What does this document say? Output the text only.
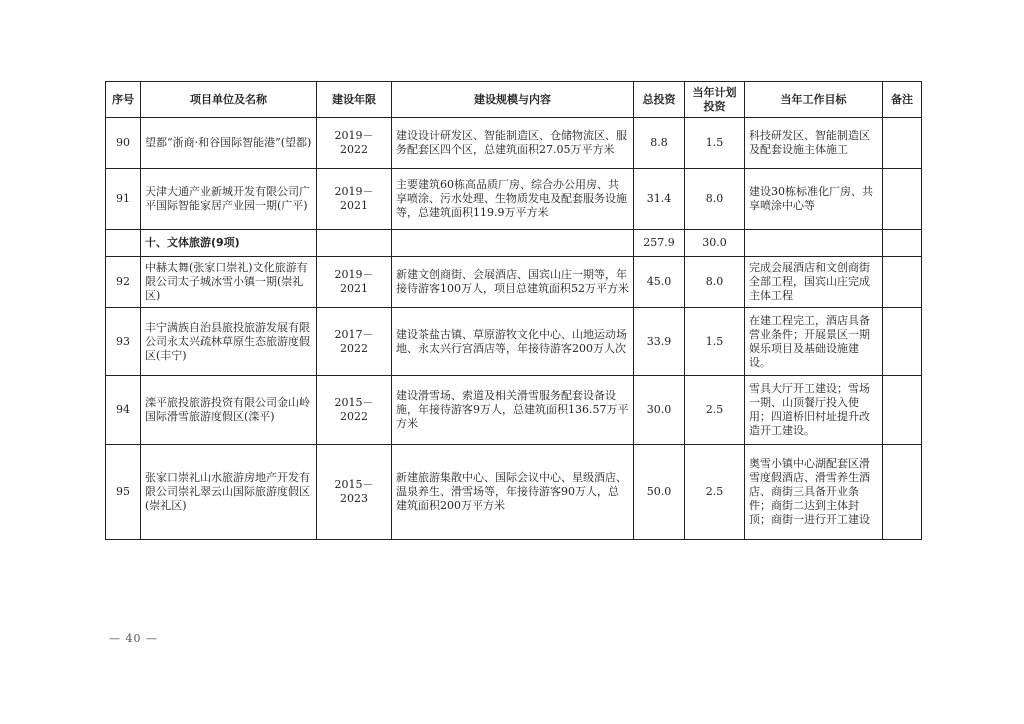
序号	项目单位及名称	建设年限	建设规模与内容	总投资	当年计划投资	当年工作目标	备注
90	望都“浙商·和谷国际智能港”(望都)	2019－2022	建设设计研发区、智能制造区、仓储物流区、服务配套区四个区，总建筑面积27.05万平方米	8.8	1.5	科技研发区、智能制造区及配套设施主体施工	
91	天津大通产业新城开发有限公司广平国际智能家居产业园一期(广平)	2019－2021	主要建筑60栋高品质厂房、综合办公用房、共享喷涂、污水处理、生物质发电及配套服务设施等，总建筑面积119.9万平方米	31.4	8.0	建设30栋标准化厂房、共享喷涂中心等	
	十、文体旅游(9项)			257.9	30.0		
92	中赫太舞(张家口崇礼)文化旅游有限公司太子城冰雪小镇一期(崇礼区)	2019－2021	新建文创商街、会展酒店、国宾山庄一期等，年接待游客100万人，项目总建筑面积52万平方米	45.0	8.0	完成会展酒店和文创商街全部工程，国宾山庄完成主体工程	
93	丰宁满族自治县旅投旅游发展有限公司永太兴疏林草原生态旅游度假区(丰宁)	2017－2022	建设茶盐古镇、草原游牧文化中心、山地运动场地、永太兴行宫酒店等，年接待游客200万人次	33.9	1.5	在建工程完工，酒店具备营业条件；开展景区一期娱乐项目及基础设施建设。	
94	滦平旅投旅游投资有限公司金山岭国际滑雪旅游度假区(滦平)	2015－2022	建设滑雪场、索道及相关滑雪服务配套设备设施，年接待游客9万人，总建筑面积136.57万平方米	30.0	2.5	雪具大厅开工建设；雪场一期、山顶餐厅投入使用；四道桥旧村址提升改造开工建设。	
95	张家口崇礼山水旅游房地产开发有限公司崇礼翠云山国际旅游度假区(崇礼区)	2015－2023	新建旅游集散中心、国际会议中心、星级酒店、温泉养生、滑雪场等，年接待游客90万人，总建筑面积200万平方米	50.0	2.5	奥雪小镇中心湖配套区滑雪度假酒店、滑雪养生酒店、商街三具备开业条件；商街二达到主体封顶；商街一进行开工建设	
— 40 —
